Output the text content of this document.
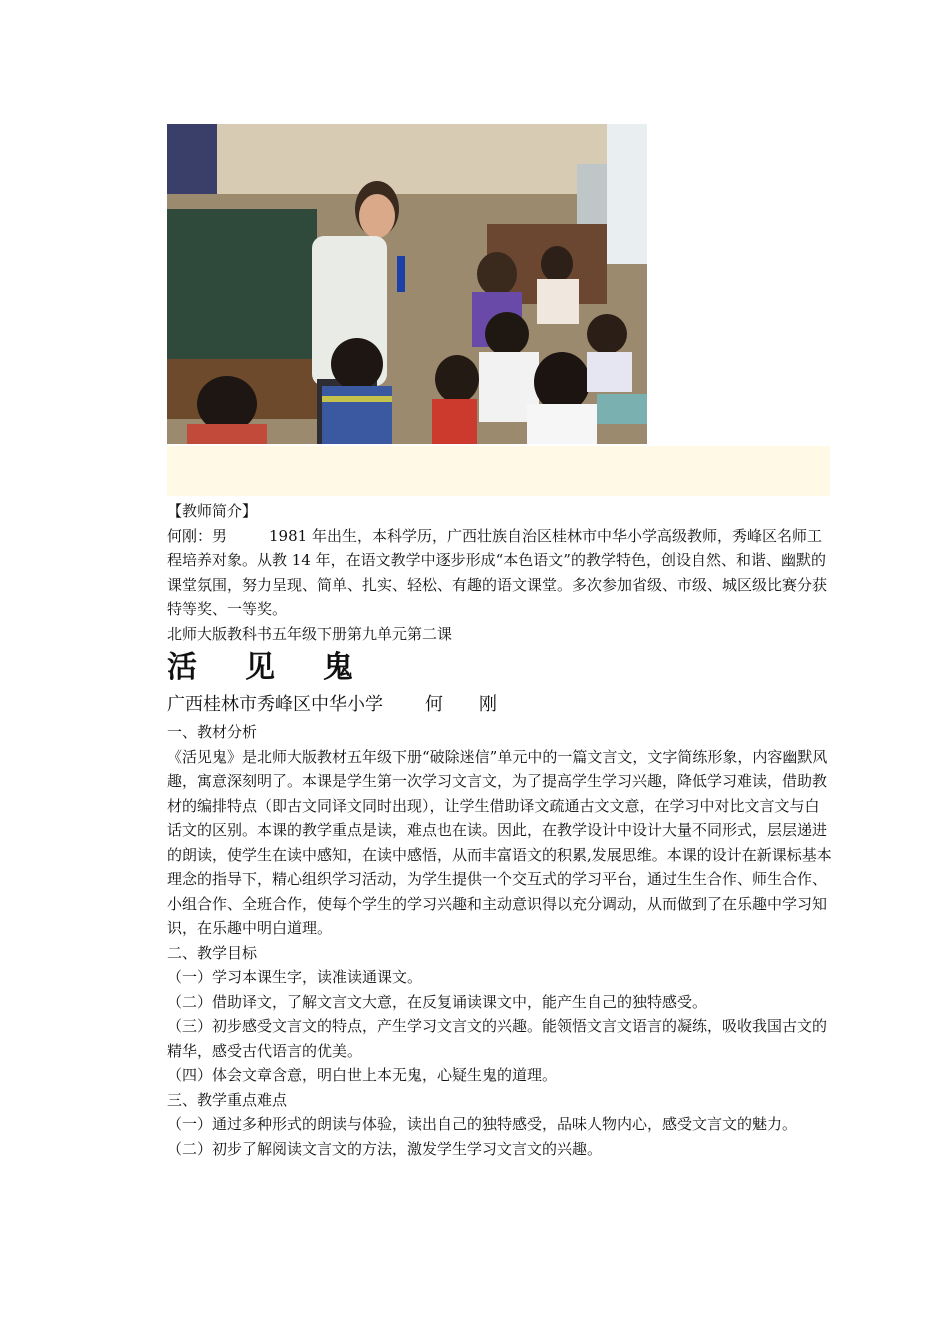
【教师简介】

何刚：男	1981 年出生，本科学历，广西壮族自治区桂林市中华小学高级教师，秀峰区名师工程培养对象。从教 14 年，在语文教学中逐步形成“本色语文”的教学特色，创设自然、和谐、幽默的课堂氛围，努力呈现、简单、扎实、轻松、有趣的语文课堂。多次参加省级、市级、城区级比赛分获特等奖、一等奖。

北师大版教科书五年级下册第九单元第二课

活见鬼

广西桂林市秀峰区中华小学 何 刚

一、教材分析

《活见鬼》是北师大版教材五年级下册“破除迷信”单元中的一篇文言文，文字简练形象，内容幽默风趣，寓意深刻明了。本课是学生第一次学习文言文，为了提高学生学习兴趣，降低学习难读，借助教材的编排特点（即古文同译文同时出现），让学生借助译文疏通古文文意，在学习中对比文言文与白话文的区别。本课的教学重点是读，难点也在读。因此，在教学设计中设计大量不同形式，层层递进的朗读，使学生在读中感知，在读中感悟，从而丰富语文的积累,发展思维。本课的设计在新课标基本理念的指导下，精心组织学习活动，为学生提供一个交互式的学习平台，通过生生合作、师生合作、小组合作、全班合作，使每个学生的学习兴趣和主动意识得以充分调动，从而做到了在乐趣中学习知识，在乐趣中明白道理。

二、教学目标

（一）学习本课生字，读准读通课文。

（二）借助译文，了解文言文大意，在反复诵读课文中，能产生自己的独特感受。

（三）初步感受文言文的特点，产生学习文言文的兴趣。能领悟文言文语言的凝练，吸收我国古文的精华，感受古代语言的优美。

（四）体会文章含意，明白世上本无鬼，心疑生鬼的道理。

三、教学重点难点

（一）通过多种形式的朗读与体验，读出自己的独特感受，品味人物内心，感受文言文的魅力。

（二）初步了解阅读文言文的方法，激发学生学习文言文的兴趣。
